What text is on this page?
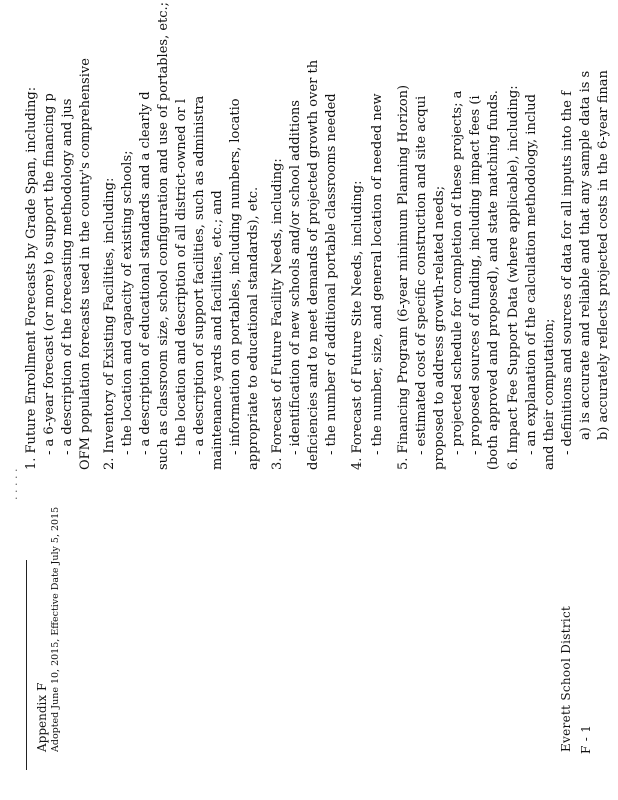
. . . . .
1. Future Enrollment Forecasts by Grade Span, including: - a 6-year forecast (or more) to support the financing p - a description of the forecasting methodology and jus OFM population forecasts used in the county's comprehensive 2. Inventory of Existing Facilities, including: - the location and capacity of existing schools; - a description of educational standards and a clearly d such as classroom size, school configuration and use of portables, etc.; - the location and description of all district-owned or l - a description of support facilities, such as administra maintenance yards and facilities, etc.; and - information on portables, including numbers, locatio appropriate to educational standards), etc. 3. Forecast of Future Facility Needs, including: - identification of new schools and/or school additions deficiencies and to meet demands of projected growth over th - the number of additional portable classrooms needed 4. Forecast of Future Site Needs, including: - the number, size, and general location of needed new 5. Financing Program (6-year minimum Planning Horizon) - estimated cost of specific construction and site acqui proposed to address growth-related needs; - projected schedule for completion of these projects; a - proposed sources of funding, including impact fees (i (both approved and proposed), and state matching funds. 6. Impact Fee Support Data (where applicable), including: - an explanation of the calculation methodology, includ and their computation; - definitions and sources of data for all inputs into the f a) is accurate and reliable and that any sample data is s b) accurately reflects projected costs in the 6-year finan
Appendix F Adopted June 10, 2015, Effective Date July 5, 2015	Everett School District F - 1
